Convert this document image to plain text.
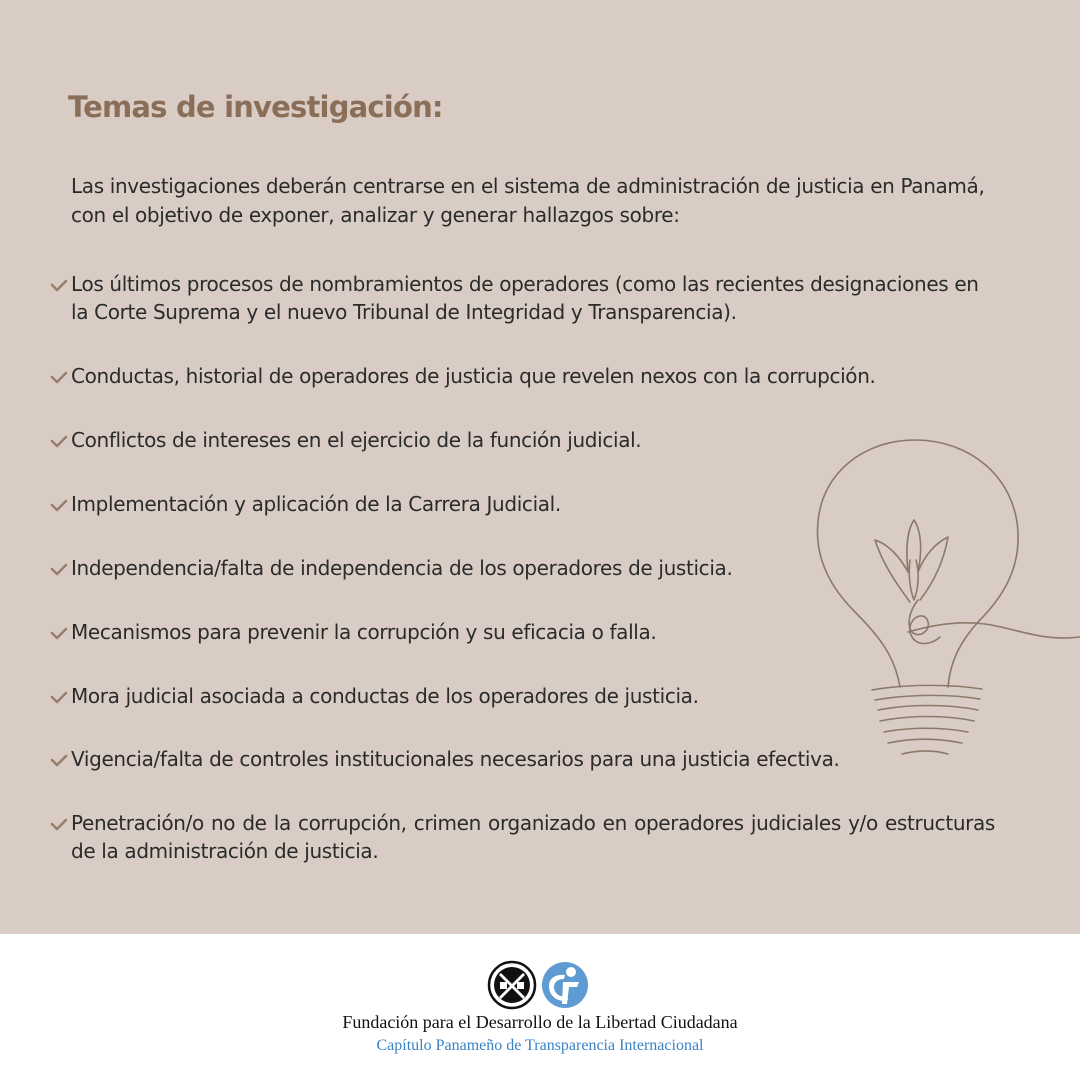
Temas de investigación:

Las investigaciones deberán centrarse en el sistema de administración de justicia en Panamá, con el objetivo de exponer, analizar y generar hallazgos sobre:

Los últimos procesos de nombramientos de operadores (como las recientes designaciones en la Corte Suprema y el nuevo Tribunal de Integridad y Transparencia).
Conductas, historial de operadores de justicia que revelen nexos con la corrupción.
Conflictos de intereses en el ejercicio de la función judicial.
Implementación y aplicación de la Carrera Judicial.
Independencia/falta de independencia de los operadores de justicia.
Mecanismos para prevenir la corrupción y su eficacia o falla.
Mora judicial asociada a conductas de los operadores de justicia.
Vigencia/falta de controles institucionales necesarios para una justicia efectiva.
Penetración/o no de la corrupción, crimen organizado en operadores judiciales y/o estructuras de la administración de justicia.
Fundación para el Desarrollo de la Libertad Ciudadana
Capítulo Panameño de Transparencia Internacional
